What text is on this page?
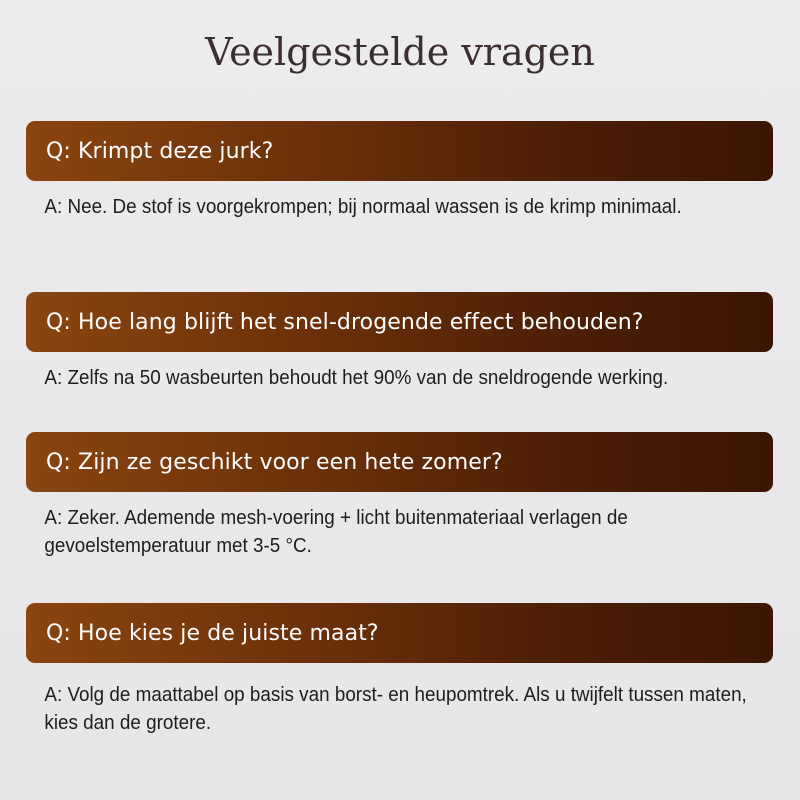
Veelgestelde vragen
Q: Krimpt deze jurk?
A: Nee. De stof is voorgekrompen; bij normaal wassen is de krimp minimaal.
Q: Hoe lang blijft het snel-drogende effect behouden?
A: Zelfs na 50 wasbeurten behoudt het 90% van de sneldrogende werking.
Q: Zijn ze geschikt voor een hete zomer?
A: Zeker. Ademende mesh-voering + licht buitenmateriaal verlagen de gevoelstemperatuur met 3-5 °C.
Q: Hoe kies je de juiste maat?
A: Volg de maattabel op basis van borst- en heupomtrek. Als u twijfelt tussen maten, kies dan de grotere.
